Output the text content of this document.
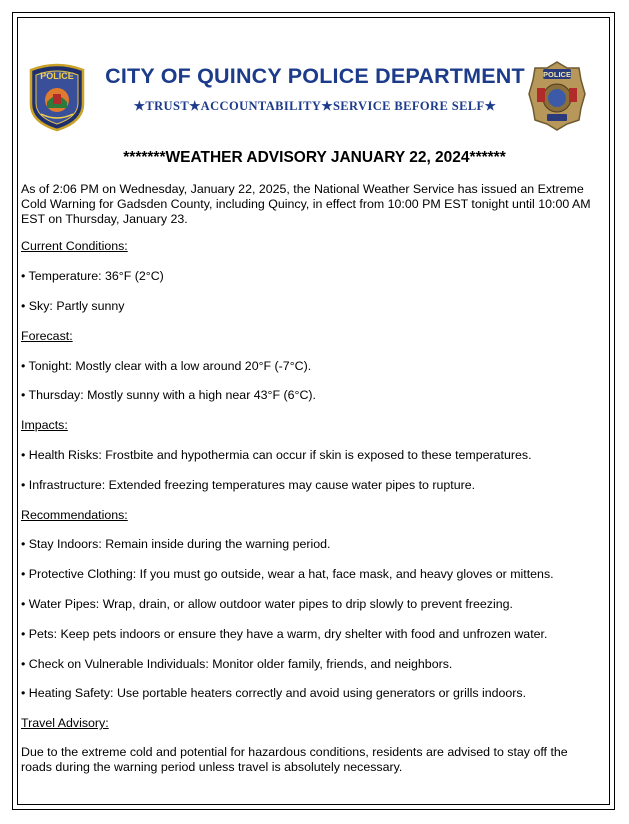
POLICE	POLICE
CITY OF QUINCY POLICE DEPARTMENT
★TRUST★ACCOUNTABILITY★SERVICE BEFORE SELF★
*******WEATHER ADVISORY JANUARY 22, 2024******

As of 2:06 PM on Wednesday, January 22, 2025, the National Weather Service has issued an Extreme Cold Warning for Gadsden County, including Quincy, in effect from 10:00 PM EST tonight until 10:00 AM EST on Thursday, January 23.

Current Conditions:

• Temperature: 36°F (2°C)

• Sky: Partly sunny

Forecast:

• Tonight: Mostly clear with a low around 20°F (-7°C).

• Thursday: Mostly sunny with a high near 43°F (6°C).

Impacts:

• Health Risks: Frostbite and hypothermia can occur if skin is exposed to these temperatures.

• Infrastructure: Extended freezing temperatures may cause water pipes to rupture.

Recommendations:

• Stay Indoors: Remain inside during the warning period.

• Protective Clothing: If you must go outside, wear a hat, face mask, and heavy gloves or mittens.

• Water Pipes: Wrap, drain, or allow outdoor water pipes to drip slowly to prevent freezing.

• Pets: Keep pets indoors or ensure they have a warm, dry shelter with food and unfrozen water.

• Check on Vulnerable Individuals: Monitor older family, friends, and neighbors.

• Heating Safety: Use portable heaters correctly and avoid using generators or grills indoors.

Travel Advisory:

Due to the extreme cold and potential for hazardous conditions, residents are advised to stay off the roads during the warning period unless travel is absolutely necessary.
